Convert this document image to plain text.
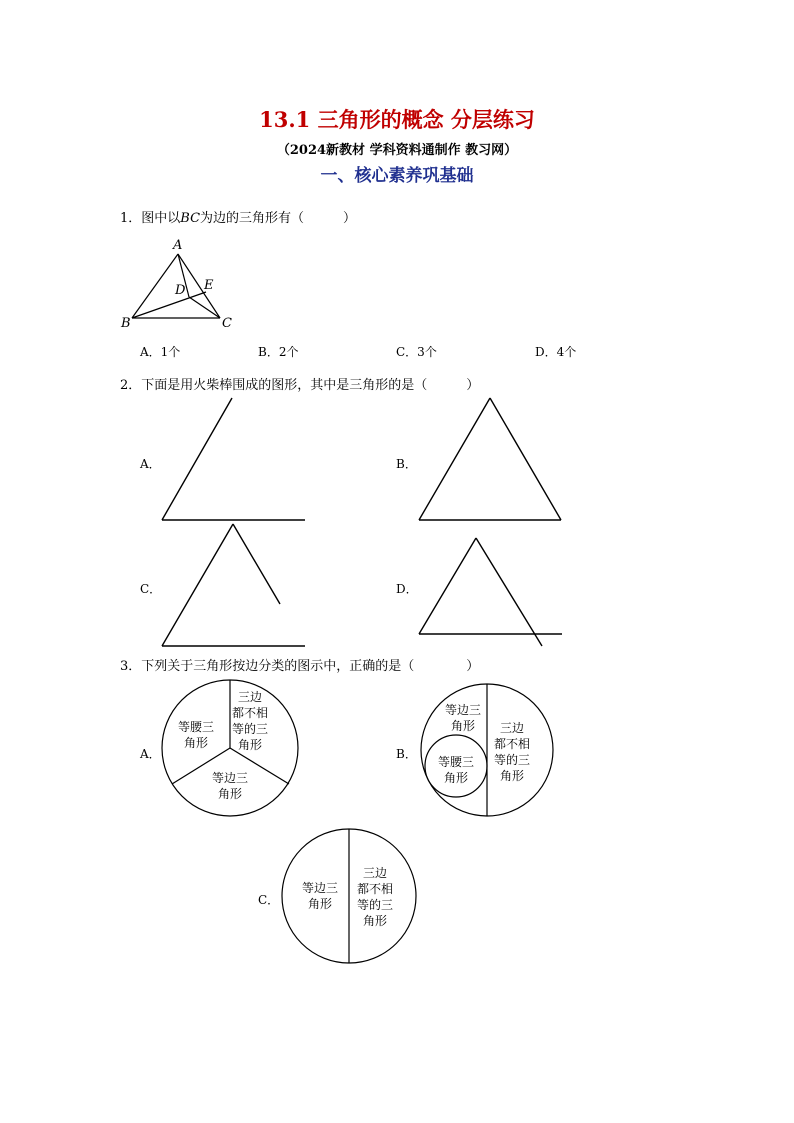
13.1 三角形的概念 分层练习
（2024新教材 学科资料通制作 教习网）
一、核心素养巩基础
1．图中以BC为边的三角形有（　　　）
A
B	C
D E
等腰三
角形
三边
都不相
等的三
角形
等边三
角形
等边三
角形
等腰三
角形
三边
都不相
等的三
角形
等边三
角形
三边
都不相
等的三
角形
A．1个	B．2个	C．3个	D．4个
2．下面是用火柴棒围成的图形，其中是三角形的是（　　　）
A．	B．
C．	D．
3．下列关于三角形按边分类的图示中，正确的是（　　　　）
A．	B．
C．
